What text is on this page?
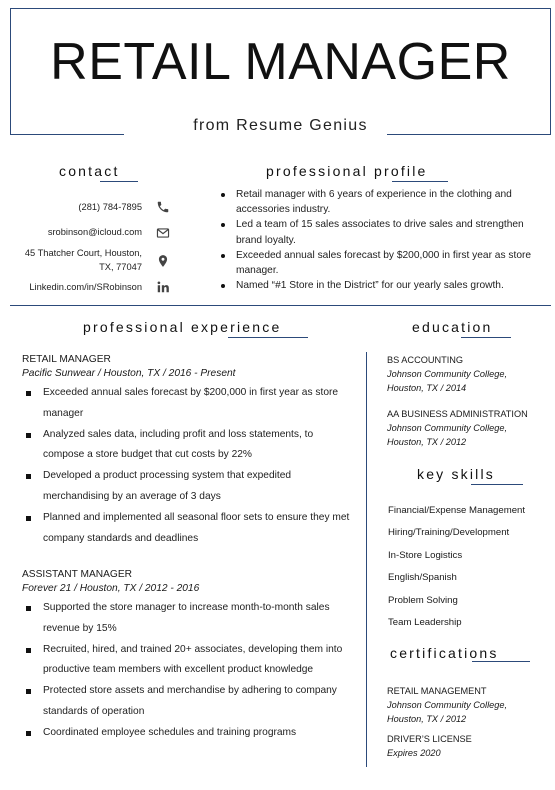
RETAIL MANAGER
from Resume Genius
contact
(281) 784-7895
srobinson@icloud.com
45 Thatcher Court, Houston,
TX, 77047
Linkedin.com/in/SRobinson
professional profile
Retail manager with 6 years of experience in the clothing and accessories industry.
Led a team of 15 sales associates to drive sales and strengthen brand loyalty.
Exceeded annual sales forecast by $200,000 in first year as store manager.
Named “#1 Store in the District” for our yearly sales growth.
professional experience
RETAIL MANAGER
Pacific Sunwear / Houston, TX / 2016 - Present
Exceeded annual sales forecast by $200,000 in first year as store manager
Analyzed sales data, including profit and loss statements, to compose a store budget that cut costs by 22%
Developed a product processing system that expedited merchandising by an average of 3 days
Planned and implemented all seasonal floor sets to ensure they met company standards and deadlines
ASSISTANT MANAGER
Forever 21 / Houston, TX / 2012 - 2016
Supported the store manager to increase month-to-month sales revenue by 15%
Recruited, hired, and trained 20+ associates, developing them into productive team members with excellent product knowledge
Protected store assets and merchandise by adhering to company standards of operation
Coordinated employee schedules and training programs
education
BS ACCOUNTING
Johnson Community College,
Houston, TX / 2014
AA BUSINESS ADMINISTRATION
Johnson Community College,
Houston, TX / 2012
key skills
Financial/Expense Management
Hiring/Training/Development
In-Store Logistics
English/Spanish
Problem Solving
Team Leadership
certifications
RETAIL MANAGEMENT
Johnson Community College,
Houston, TX / 2012
DRIVER’S LICENSE
Expires 2020
